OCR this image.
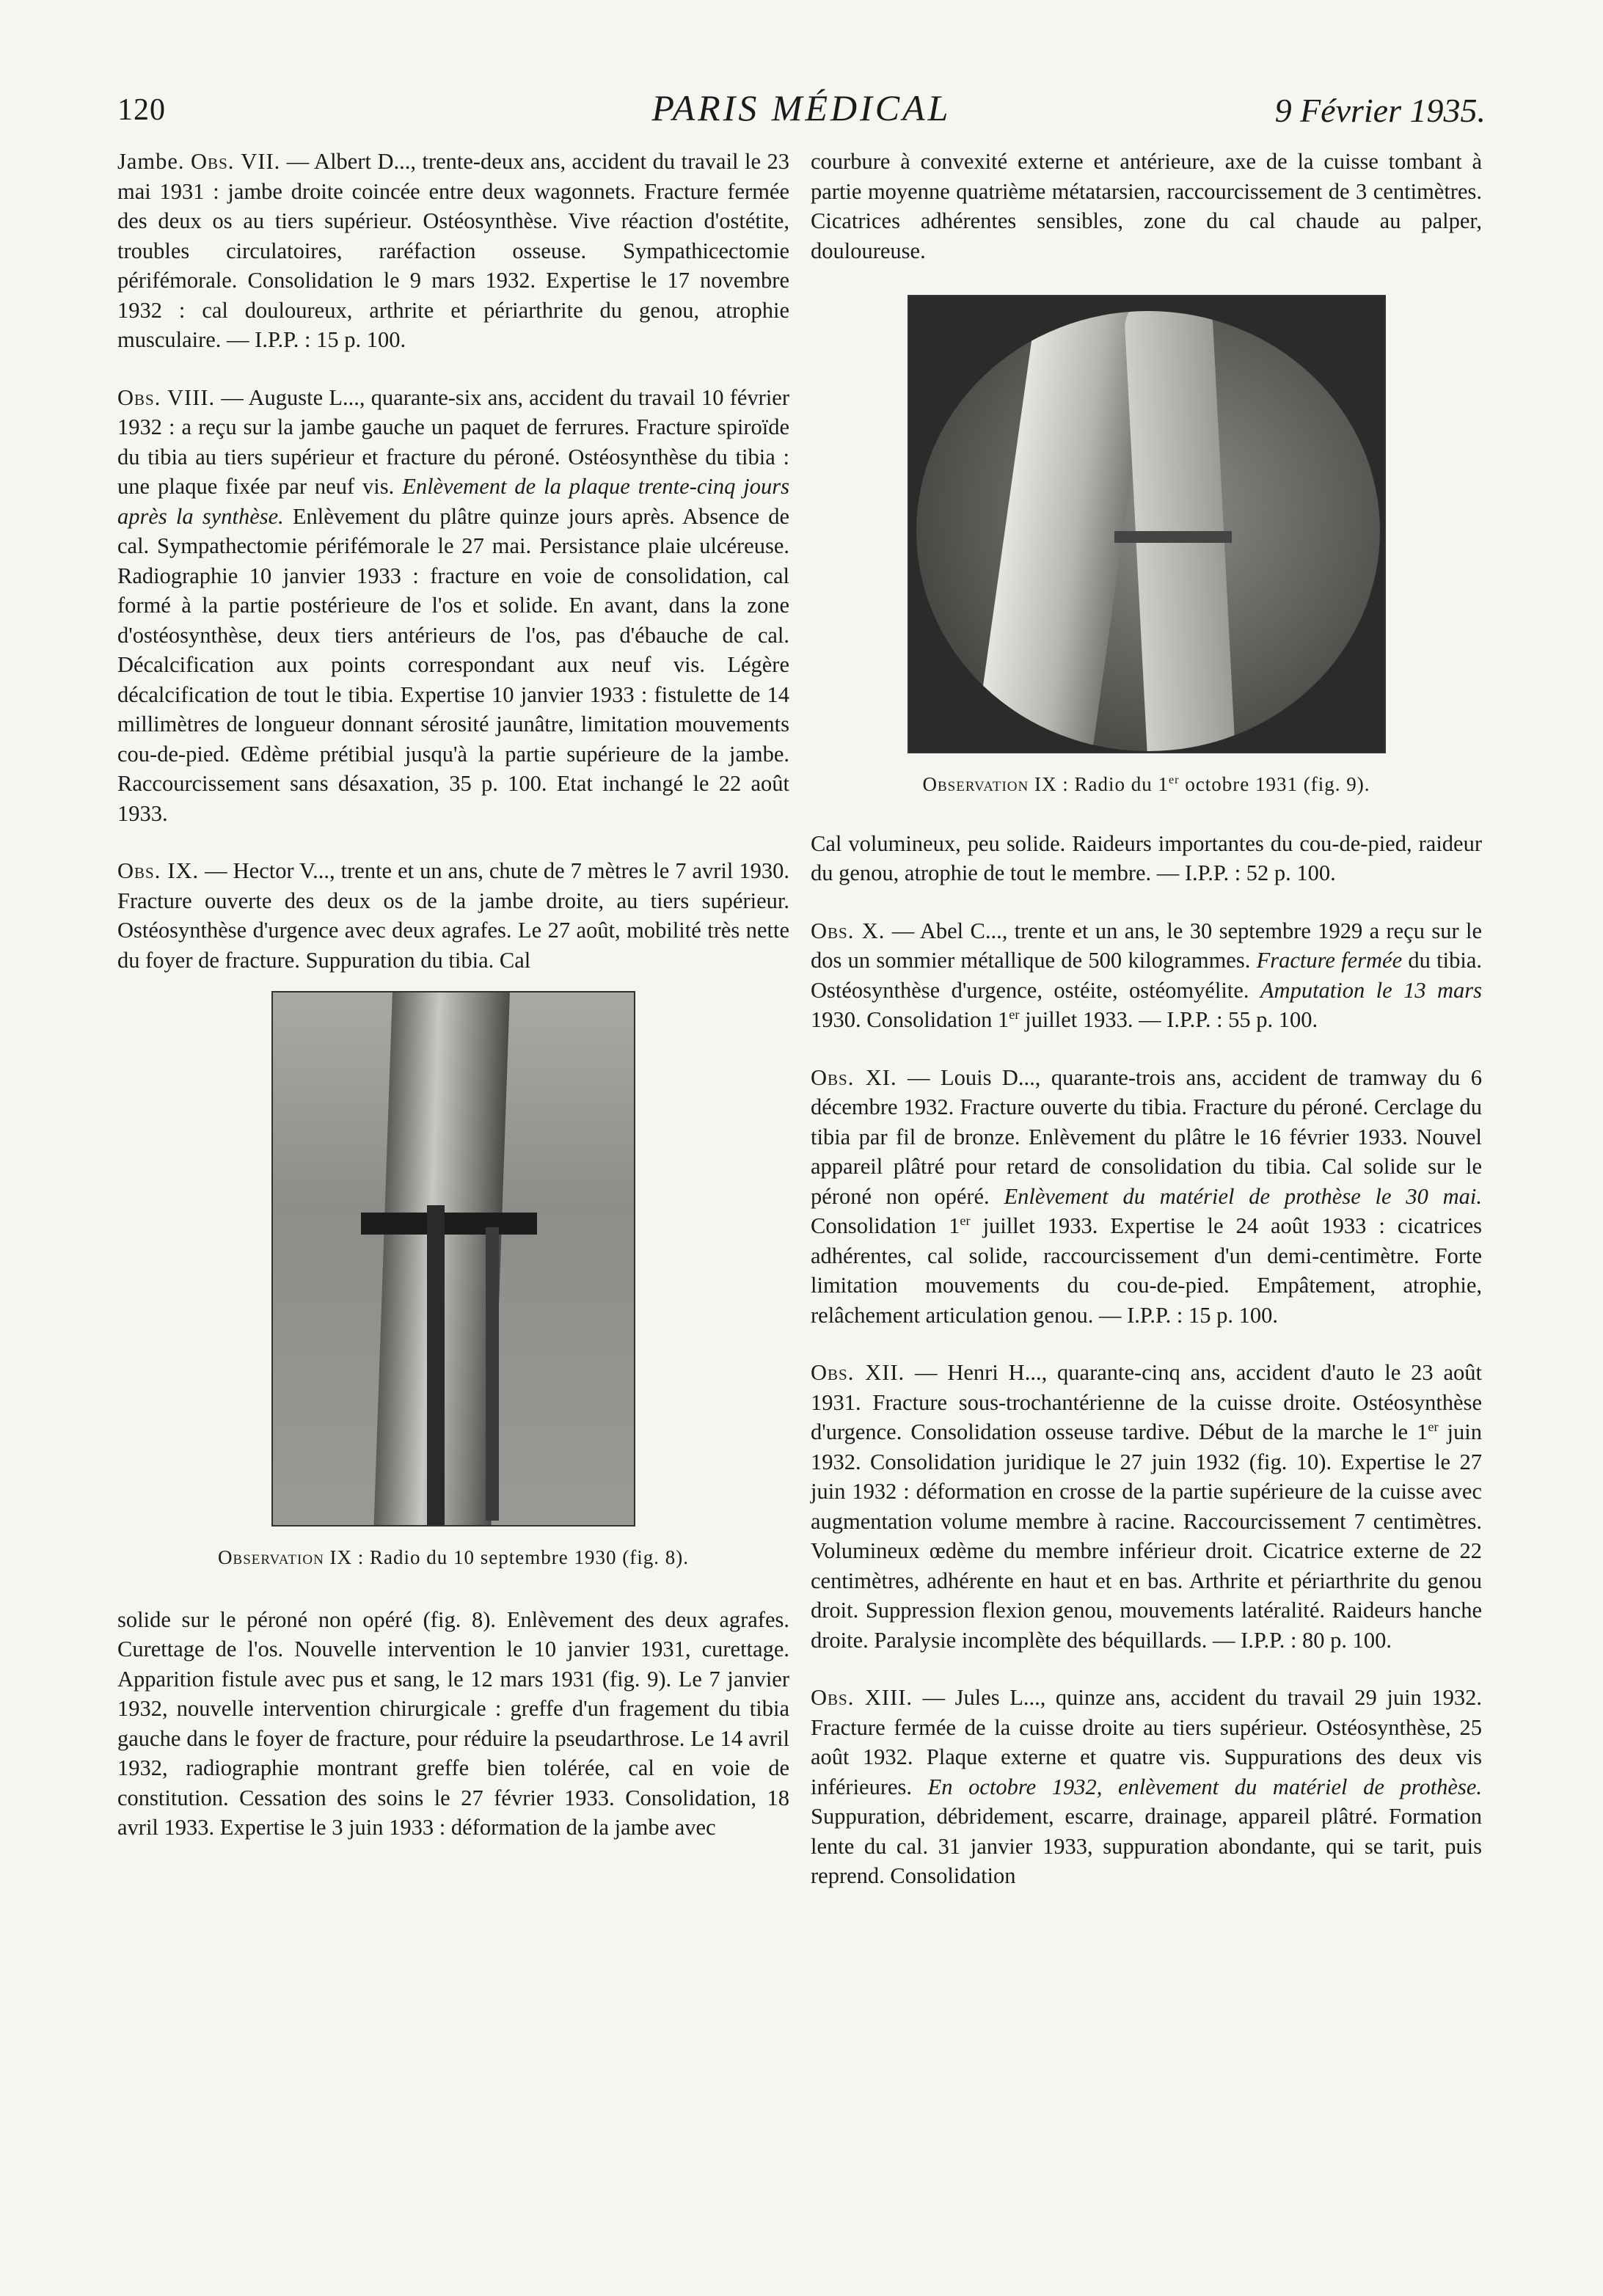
120	PARIS MÉDICAL	9 Février 1935.

Jambe. Obs. VII. — Albert D..., trente-deux ans, accident du travail le 23 mai 1931 : jambe droite coincée entre deux wagonnets. Fracture fermée des deux os au tiers supérieur. Ostéosynthèse. Vive réaction d'ostétite, troubles circulatoires, raréfaction osseuse. Sympathicectomie périfémorale. Consolidation le 9 mars 1932. Expertise le 17 novembre 1932 : cal douloureux, arthrite et périarthrite du genou, atrophie musculaire. — I.P.P. : 15 p. 100.

Obs. VIII. — Auguste L..., quarante-six ans, accident du travail 10 février 1932 : a reçu sur la jambe gauche un paquet de ferrures. Fracture spiroïde du tibia au tiers supérieur et fracture du péroné. Ostéosynthèse du tibia : une plaque fixée par neuf vis. Enlèvement de la plaque trente-cinq jours après la synthèse. Enlèvement du plâtre quinze jours après. Absence de cal. Sympathectomie périfémorale le 27 mai. Persistance plaie ulcéreuse. Radiographie 10 janvier 1933 : fracture en voie de consolidation, cal formé à la partie postérieure de l'os et solide. En avant, dans la zone d'ostéosynthèse, deux tiers antérieurs de l'os, pas d'ébauche de cal. Décalcification aux points correspondant aux neuf vis. Légère décalcification de tout le tibia. Expertise 10 janvier 1933 : fistulette de 14 millimètres de longueur donnant sérosité jaunâtre, limitation mouvements cou-de-pied. Œdème prétibial jusqu'à la partie supérieure de la jambe. Raccourcissement sans désaxation, 35 p. 100. Etat inchangé le 22 août 1933.

Obs. IX. — Hector V..., trente et un ans, chute de 7 mètres le 7 avril 1930. Fracture ouverte des deux os de la jambe droite, au tiers supérieur. Ostéosynthèse d'urgence avec deux agrafes. Le 27 août, mobilité très nette du foyer de fracture. Suppuration du tibia. Cal

Observation IX : Radio du 10 septembre 1930 (fig. 8).

solide sur le péroné non opéré (fig. 8). Enlèvement des deux agrafes. Curettage de l'os. Nouvelle intervention le 10 janvier 1931, curettage. Apparition fistule avec pus et sang, le 12 mars 1931 (fig. 9). Le 7 janvier 1932, nouvelle intervention chirurgicale : greffe d'un fragement du tibia gauche dans le foyer de fracture, pour réduire la pseudarthrose. Le 14 avril 1932, radiographie montrant greffe bien tolérée, cal en voie de constitution. Cessation des soins le 27 février 1933. Consolidation, 18 avril 1933. Expertise le 3 juin 1933 : déformation de la jambe avec

courbure à convexité externe et antérieure, axe de la cuisse tombant à partie moyenne quatrième métatarsien, raccourcissement de 3 centimètres. Cicatrices adhérentes sensibles, zone du cal chaude au palper, douloureuse.

Observation IX : Radio du 1er octobre 1931 (fig. 9).

Cal volumineux, peu solide. Raideurs importantes du cou-de-pied, raideur du genou, atrophie de tout le membre. — I.P.P. : 52 p. 100.

Obs. X. — Abel C..., trente et un ans, le 30 septembre 1929 a reçu sur le dos un sommier métallique de 500 kilogrammes. Fracture fermée du tibia. Ostéosynthèse d'urgence, ostéite, ostéomyélite. Amputation le 13 mars 1930. Consolidation 1er juillet 1933. — I.P.P. : 55 p. 100.

Obs. XI. — Louis D..., quarante-trois ans, accident de tramway du 6 décembre 1932. Fracture ouverte du tibia. Fracture du péroné. Cerclage du tibia par fil de bronze. Enlèvement du plâtre le 16 février 1933. Nouvel appareil plâtré pour retard de consolidation du tibia. Cal solide sur le péroné non opéré. Enlèvement du matériel de prothèse le 30 mai. Consolidation 1er juillet 1933. Expertise le 24 août 1933 : cicatrices adhérentes, cal solide, raccourcissement d'un demi-centimètre. Forte limitation mouvements du cou-de-pied. Empâtement, atrophie, relâchement articulation genou. — I.P.P. : 15 p. 100.

Obs. XII. — Henri H..., quarante-cinq ans, accident d'auto le 23 août 1931. Fracture sous-trochantérienne de la cuisse droite. Ostéosynthèse d'urgence. Consolidation osseuse tardive. Début de la marche le 1er juin 1932. Consolidation juridique le 27 juin 1932 (fig. 10). Expertise le 27 juin 1932 : déformation en crosse de la partie supérieure de la cuisse avec augmentation volume membre à racine. Raccourcissement 7 centimètres. Volumineux œdème du membre inférieur droit. Cicatrice externe de 22 centimètres, adhérente en haut et en bas. Arthrite et périarthrite du genou droit. Suppression flexion genou, mouvements latéralité. Raideurs hanche droite. Paralysie incomplète des béquillards. — I.P.P. : 80 p. 100.

Obs. XIII. — Jules L..., quinze ans, accident du travail 29 juin 1932. Fracture fermée de la cuisse droite au tiers supérieur. Ostéosynthèse, 25 août 1932. Plaque externe et quatre vis. Suppurations des deux vis inférieures. En octobre 1932, enlèvement du matériel de prothèse. Suppuration, débridement, escarre, drainage, appareil plâtré. Formation lente du cal. 31 janvier 1933, suppuration abondante, qui se tarit, puis reprend. Consolidation
